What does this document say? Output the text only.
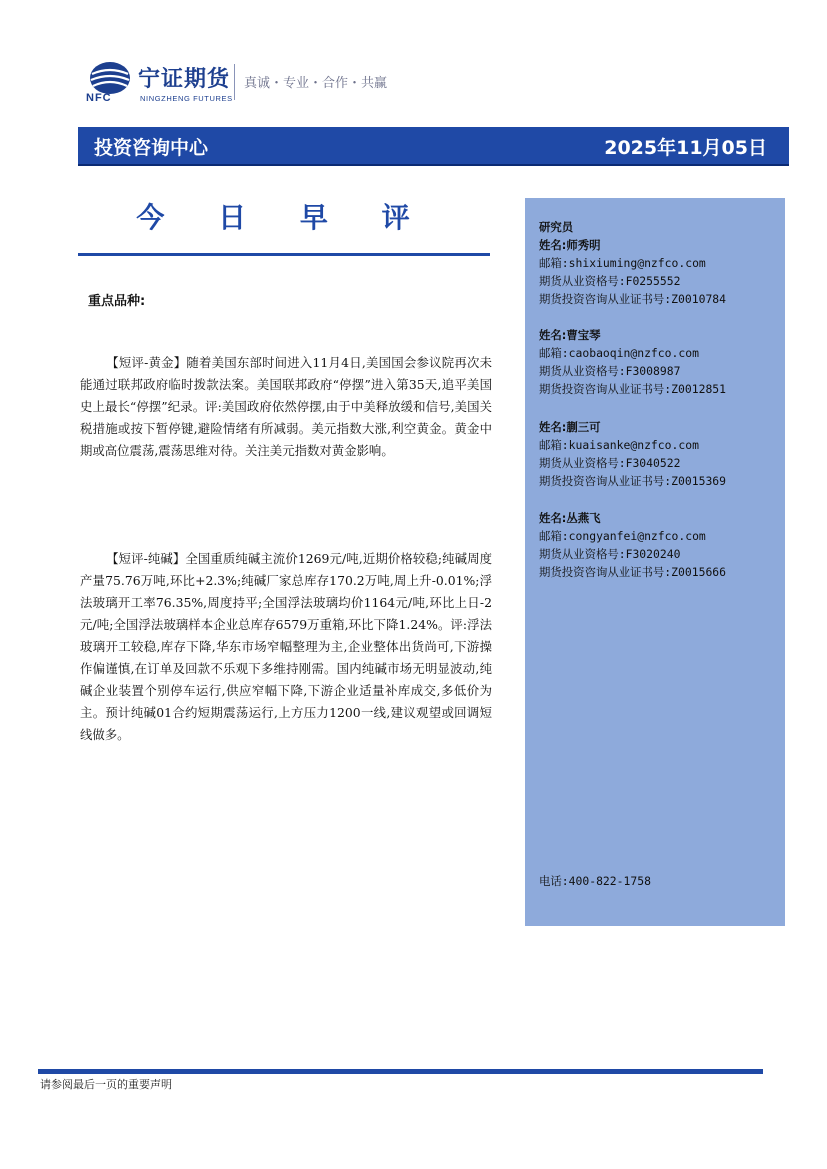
NFC
宁证期货
NINGZHENG FUTURES
真诚・专业・合作・共赢
投资咨询中心	2025年11月05日
今 日 早 评
重点品种:

【短评-黄金】随着美国东部时间进入11月4日,美国国会参议院再次未能通过联邦政府临时拨款法案。美国联邦政府“停摆”进入第35天,追平美国史上最长“停摆”纪录。评:美国政府依然停摆,由于中美释放缓和信号,美国关税措施或按下暂停键,避险情绪有所减弱。美元指数大涨,利空黄金。黄金中期或高位震荡,震荡思维对待。关注美元指数对黄金影响。

【短评-纯碱】全国重质纯碱主流价1269元/吨,近期价格较稳;纯碱周度产量75.76万吨,环比+2.3%;纯碱厂家总库存170.2万吨,周上升-0.01%;浮法玻璃开工率76.35%,周度持平;全国浮法玻璃均价1164元/吨,环比上日-2元/吨;全国浮法玻璃样本企业总库存6579万重箱,环比下降1.24%。评:浮法玻璃开工较稳,库存下降,华东市场窄幅整理为主,企业整体出货尚可,下游操作偏谨慎,在订单及回款不乐观下多维持刚需。国内纯碱市场无明显波动,纯碱企业装置个别停车运行,供应窄幅下降,下游企业适量补库成交,多低价为主。预计纯碱01合约短期震荡运行,上方压力1200一线,建议观望或回调短线做多。

研究员
姓名:师秀明
邮箱:shixiuming@nzfco.com
期货从业资格号:F0255552
期货投资咨询从业证书号:Z0010784
姓名:曹宝琴
邮箱:caobaoqin@nzfco.com
期货从业资格号:F3008987
期货投资咨询从业证书号:Z0012851
姓名:蒯三可
邮箱:kuaisanke@nzfco.com
期货从业资格号:F3040522
期货投资咨询从业证书号:Z0015369
姓名:丛燕飞
邮箱:congyanfei@nzfco.com
期货从业资格号:F3020240
期货投资咨询从业证书号:Z0015666
电话:400-822-1758
请参阅最后一页的重要声明
